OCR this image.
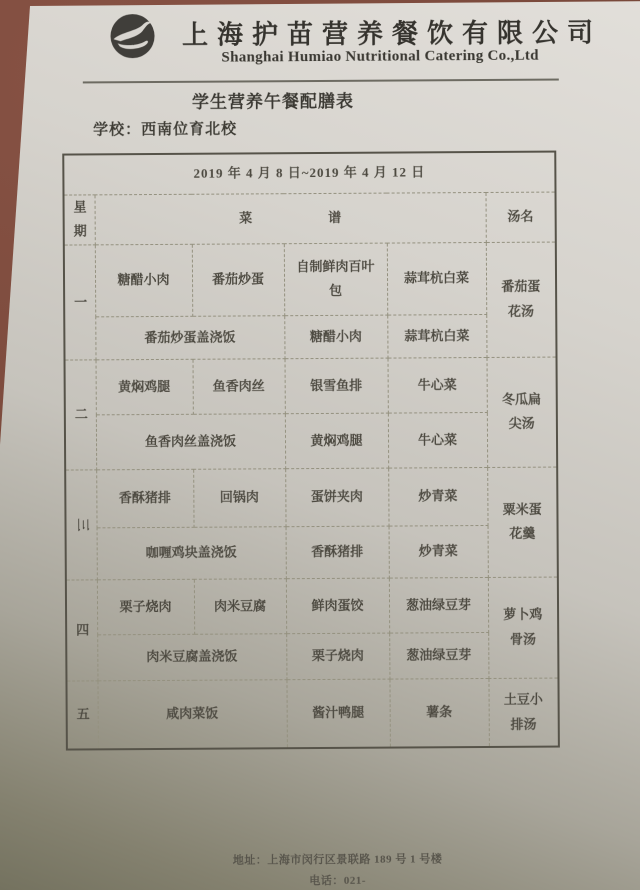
上海护苗营养餐饮有限公司
Shanghai Humiao Nutritional Catering Co.,Ltd
学生营养午餐配膳表
学校：西南位育北校
2019 年 4 月 8 日~2019 年 4 月 12 日					
星期	菜 谱				汤名
一	糖醋小肉	番茄炒蛋	自制鲜肉百叶包	蒜茸杭白菜	番茄蛋花汤
	番茄炒蛋盖浇饭		糖醋小肉	蒜茸杭白菜	
二	黄焖鸡腿	鱼香肉丝	银雪鱼排	牛心菜	冬瓜扁尖汤
	鱼香肉丝盖浇饭		黄焖鸡腿	牛心菜	
三	香酥猪排	回锅肉	蛋饼夹肉	炒青菜	粟米蛋花羹
	咖喱鸡块盖浇饭		香酥猪排	炒青菜	
四	栗子烧肉	肉米豆腐	鲜肉蛋饺	葱油绿豆芽	萝卜鸡骨汤
	肉米豆腐盖浇饭		栗子烧肉	葱油绿豆芽	
五	咸肉菜饭		酱汁鸭腿	薯条	土豆小排汤
地址：上海市闵行区景联路 189 号 1 号楼
电话：021-
